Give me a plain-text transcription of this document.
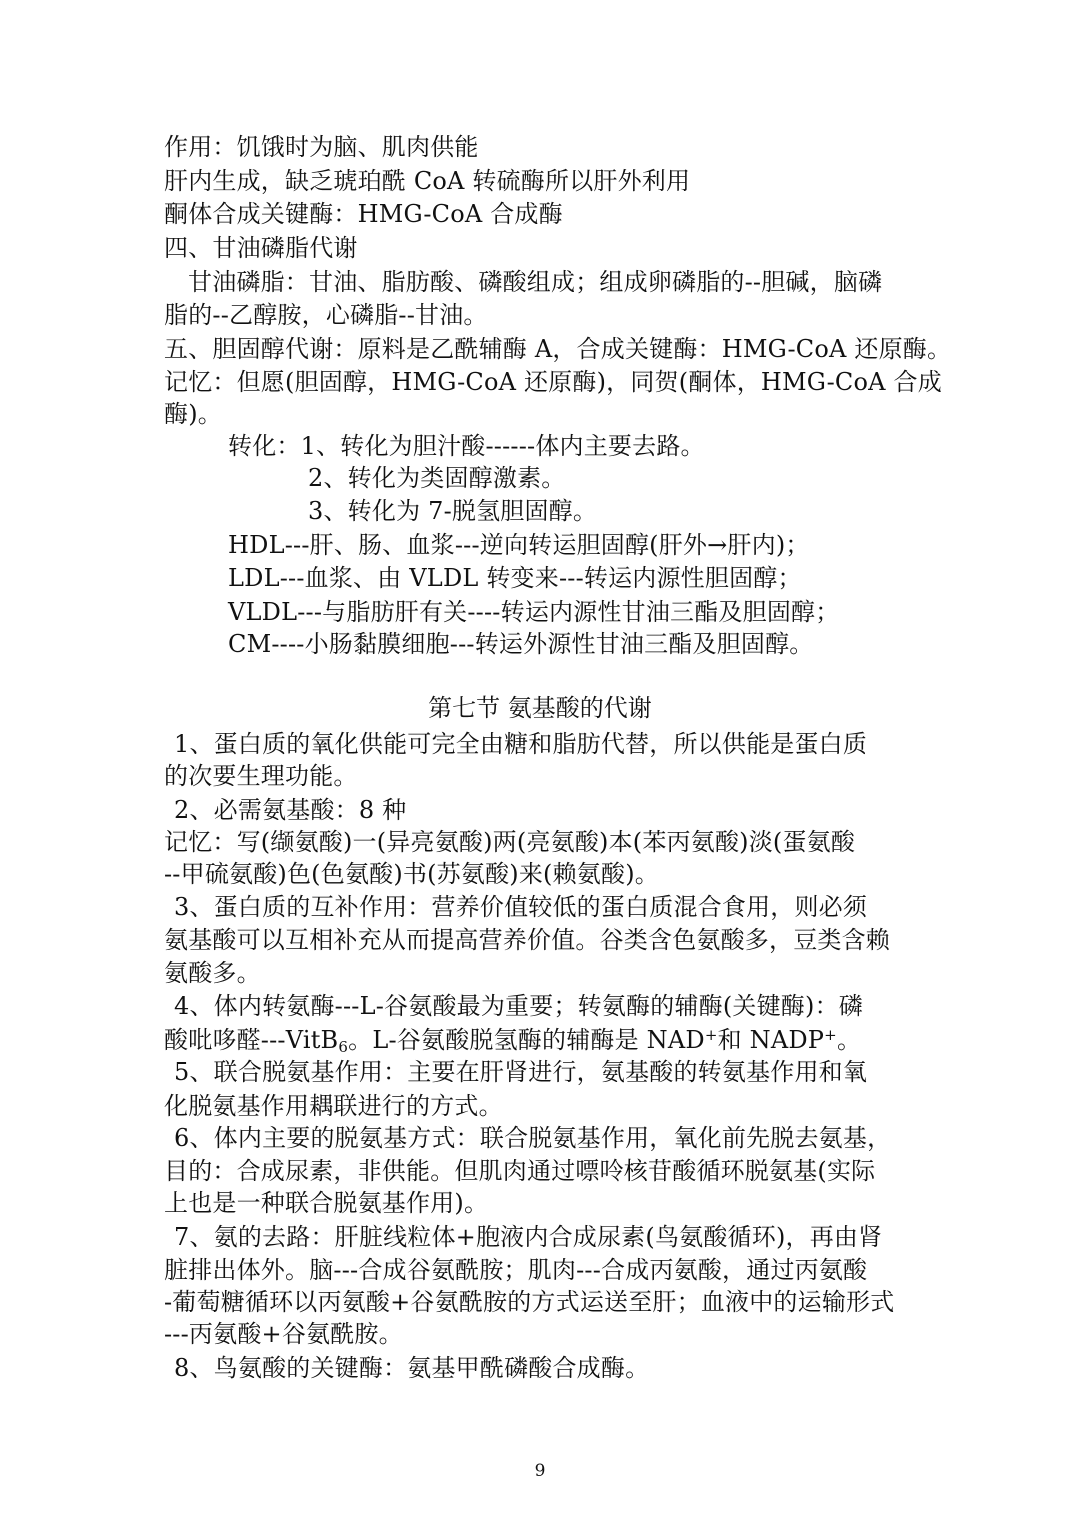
作用：饥饿时为脑、肌肉供能

肝内生成，缺乏琥珀酰 CoA 转硫酶所以肝外利用

酮体合成关键酶：HMG-CoA 合成酶

四、甘油磷脂代谢

甘油磷脂：甘油、脂肪酸、磷酸组成；组成卵磷脂的--胆碱，脑磷

脂的--乙醇胺，心磷脂--甘油。

五、胆固醇代谢：原料是乙酰辅酶 A，合成关键酶：HMG-CoA 还原酶。

记忆：但愿(胆固醇，HMG-CoA 还原酶)，同贺(酮体，HMG-CoA 合成

酶)。

转化：1、转化为胆汁酸------体内主要去路。

2、转化为类固醇激素。

3、转化为 7-脱氢胆固醇。

HDL---肝、肠、血浆---逆向转运胆固醇(肝外→肝内)；

LDL---血浆、由 VLDL 转变来---转运内源性胆固醇；

VLDL---与脂肪肝有关----转运内源性甘油三酯及胆固醇；

CM----小肠黏膜细胞---转运外源性甘油三酯及胆固醇。

第七节 氨基酸的代谢

1、蛋白质的氧化供能可完全由糖和脂肪代替，所以供能是蛋白质

的次要生理功能。

2、必需氨基酸：8 种

记忆：写(缬氨酸)一(异亮氨酸)两(亮氨酸)本(苯丙氨酸)淡(蛋氨酸

--甲硫氨酸)色(色氨酸)书(苏氨酸)来(赖氨酸)。

3、蛋白质的互补作用：营养价值较低的蛋白质混合食用，则必须

氨基酸可以互相补充从而提高营养价值。谷类含色氨酸多，豆类含赖

氨酸多。

4、体内转氨酶---L-谷氨酸最为重要；转氨酶的辅酶(关键酶)：磷

酸吡哆醛---VitB$_6$。L-谷氨酸脱氢酶的辅酶是 NAD+和 NADP+。

5、联合脱氨基作用：主要在肝肾进行，氨基酸的转氨基作用和氧

化脱氨基作用耦联进行的方式。

6、体内主要的脱氨基方式：联合脱氨基作用，氧化前先脱去氨基，

目的：合成尿素，非供能。但肌肉通过嘌呤核苷酸循环脱氨基(实际

上也是一种联合脱氨基作用)。

7、氨的去路：肝脏线粒体+胞液内合成尿素(鸟氨酸循环)，再由肾

脏排出体外。脑---合成谷氨酰胺；肌肉---合成丙氨酸，通过丙氨酸

-葡萄糖循环以丙氨酸+谷氨酰胺的方式运送至肝；血液中的运输形式

---丙氨酸+谷氨酰胺。

8、鸟氨酸的关键酶：氨基甲酰磷酸合成酶。

9
